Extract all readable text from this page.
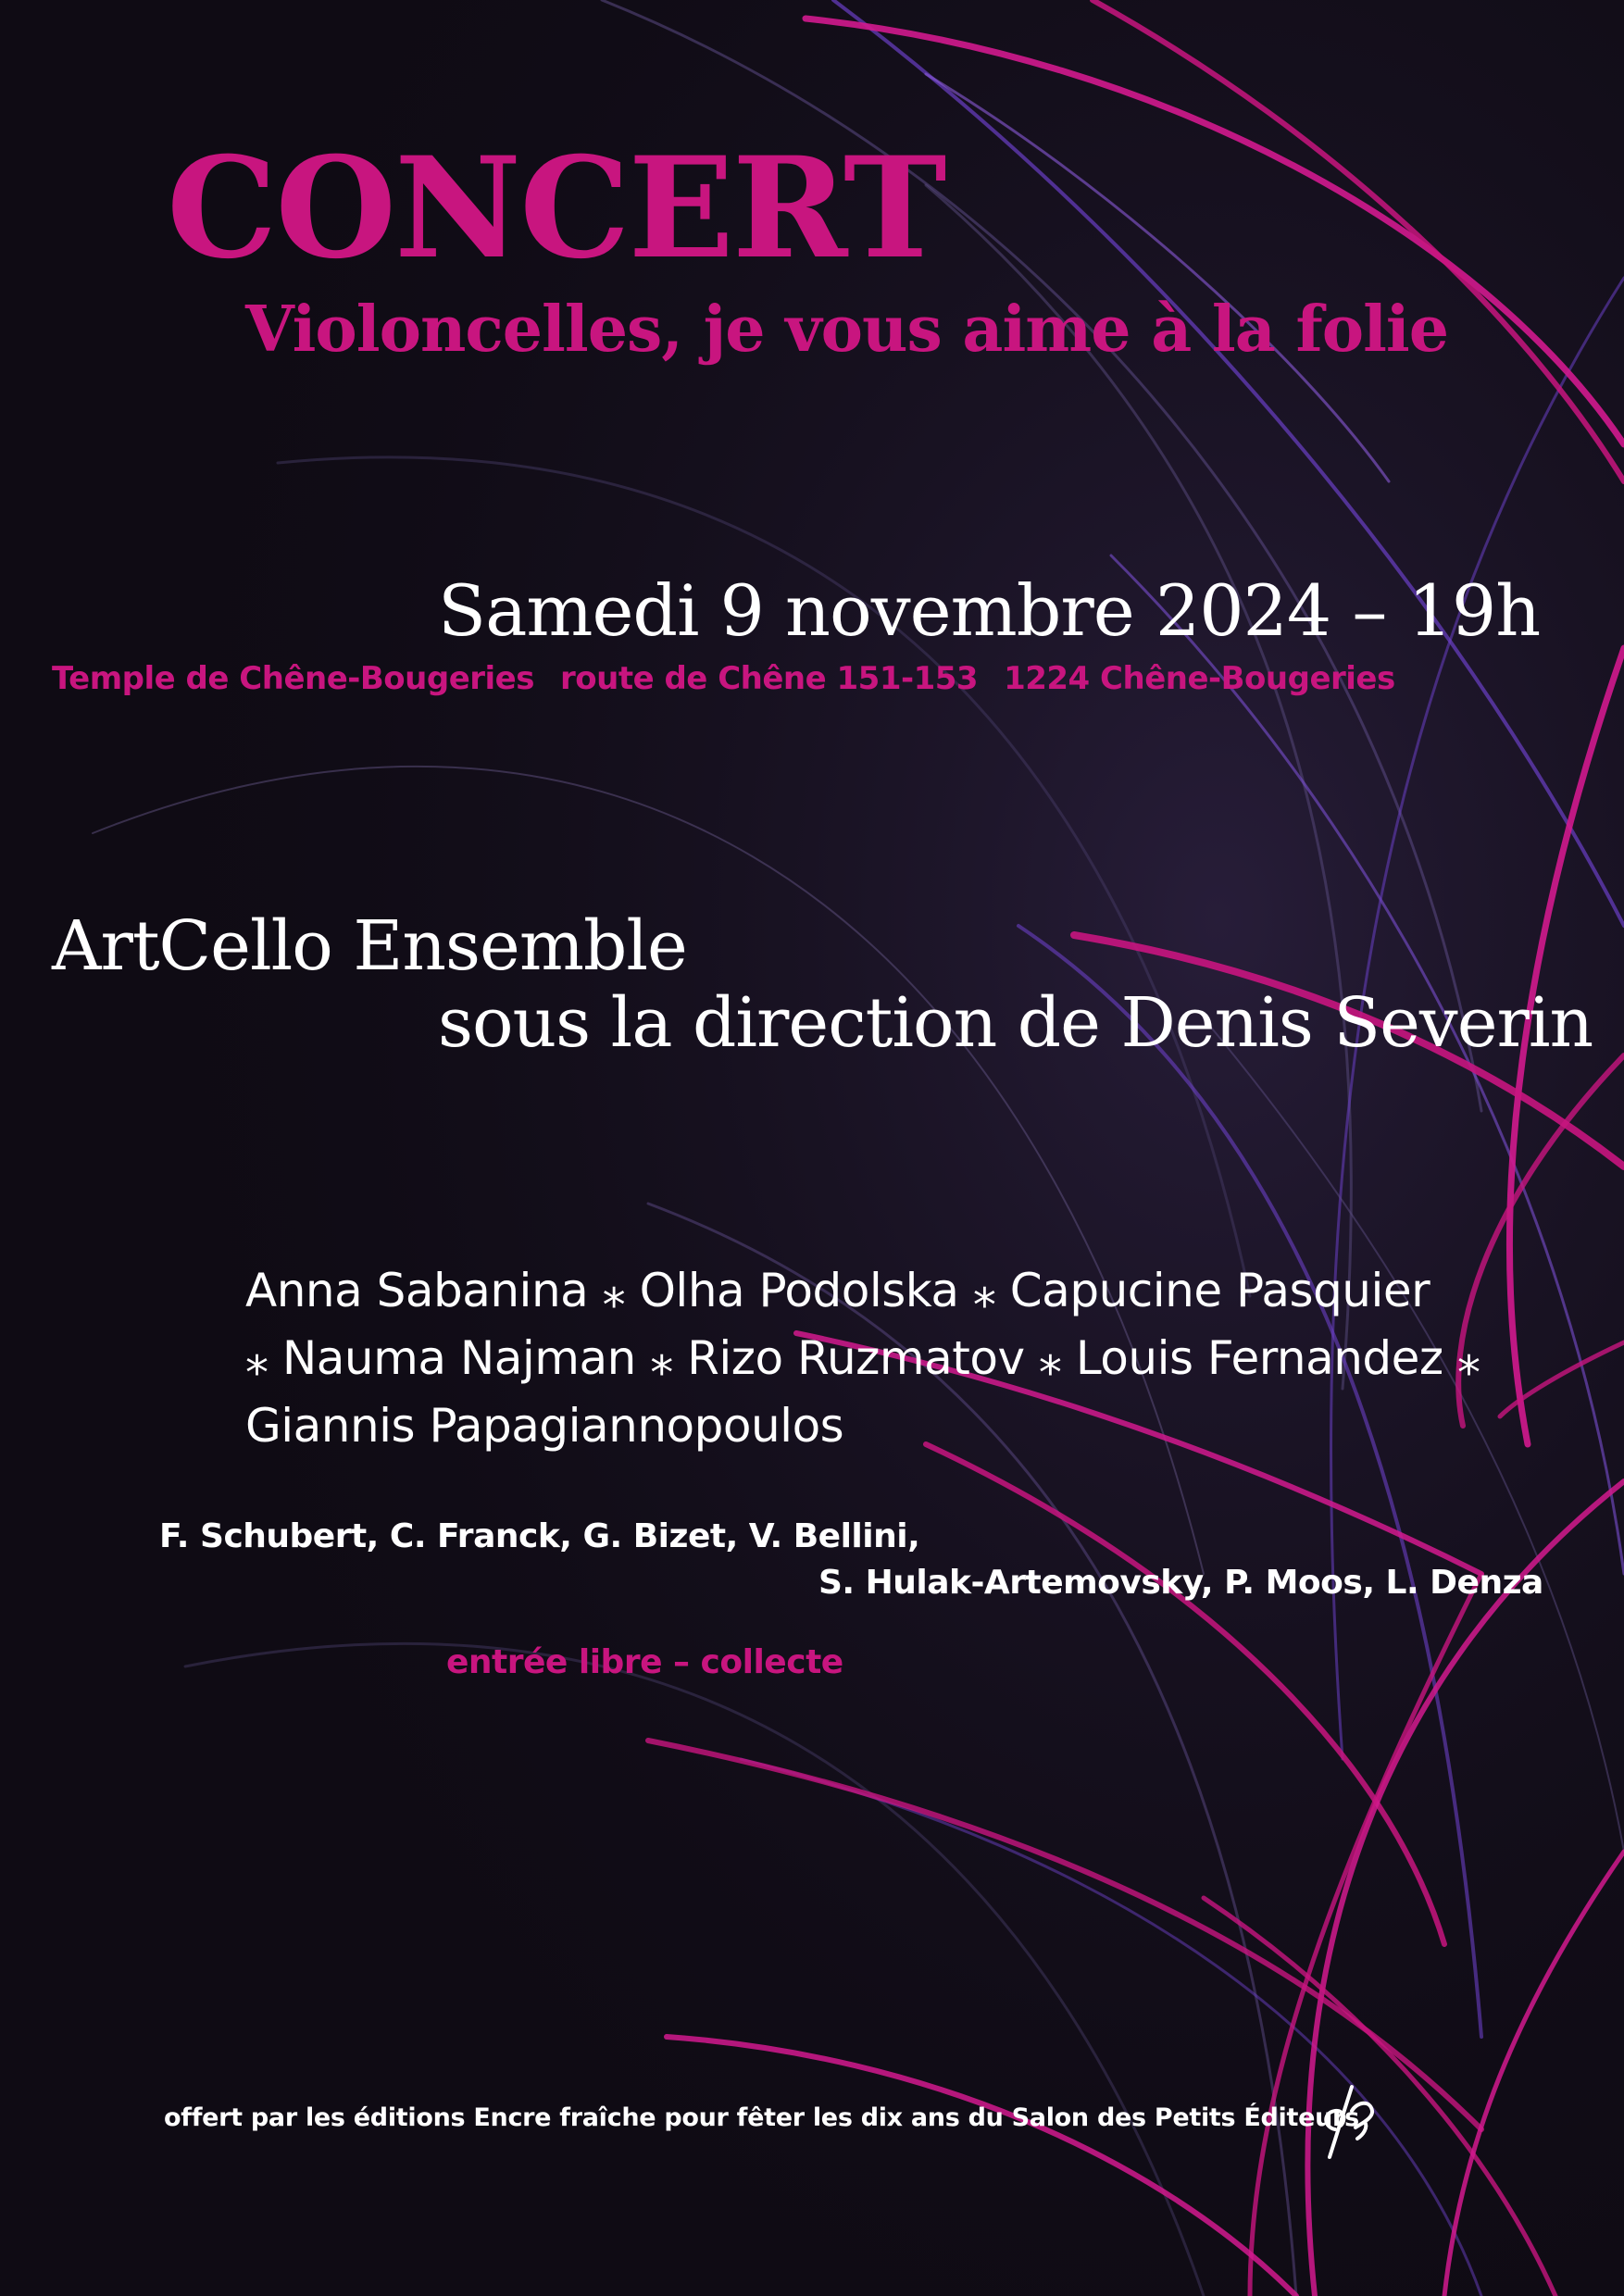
CONCERT
Violoncelles, je vous aime à la folie
Samedi 9 novembre 2024 – 19h
Temple de Chêne-Bougeries route de Chêne 151-153 1224 Chêne-Bougeries
ArtCello Ensemble
sous la direction de Denis Severin
Anna Sabanina ⁎ Olha Podolska ⁎ Capucine Pasquier
⁎ Nauma Najman ⁎ Rizo Ruzmatov ⁎ Louis Fernandez ⁎
Giannis Papagiannopoulos
F. Schubert, C. Franck, G. Bizet, V. Bellini,
S. Hulak-Artemovsky, P. Moos, L. Denza
entrée libre – collecte
offert par les éditions Encre fraîche pour fêter les dix ans du Salon des Petits Éditeurs
